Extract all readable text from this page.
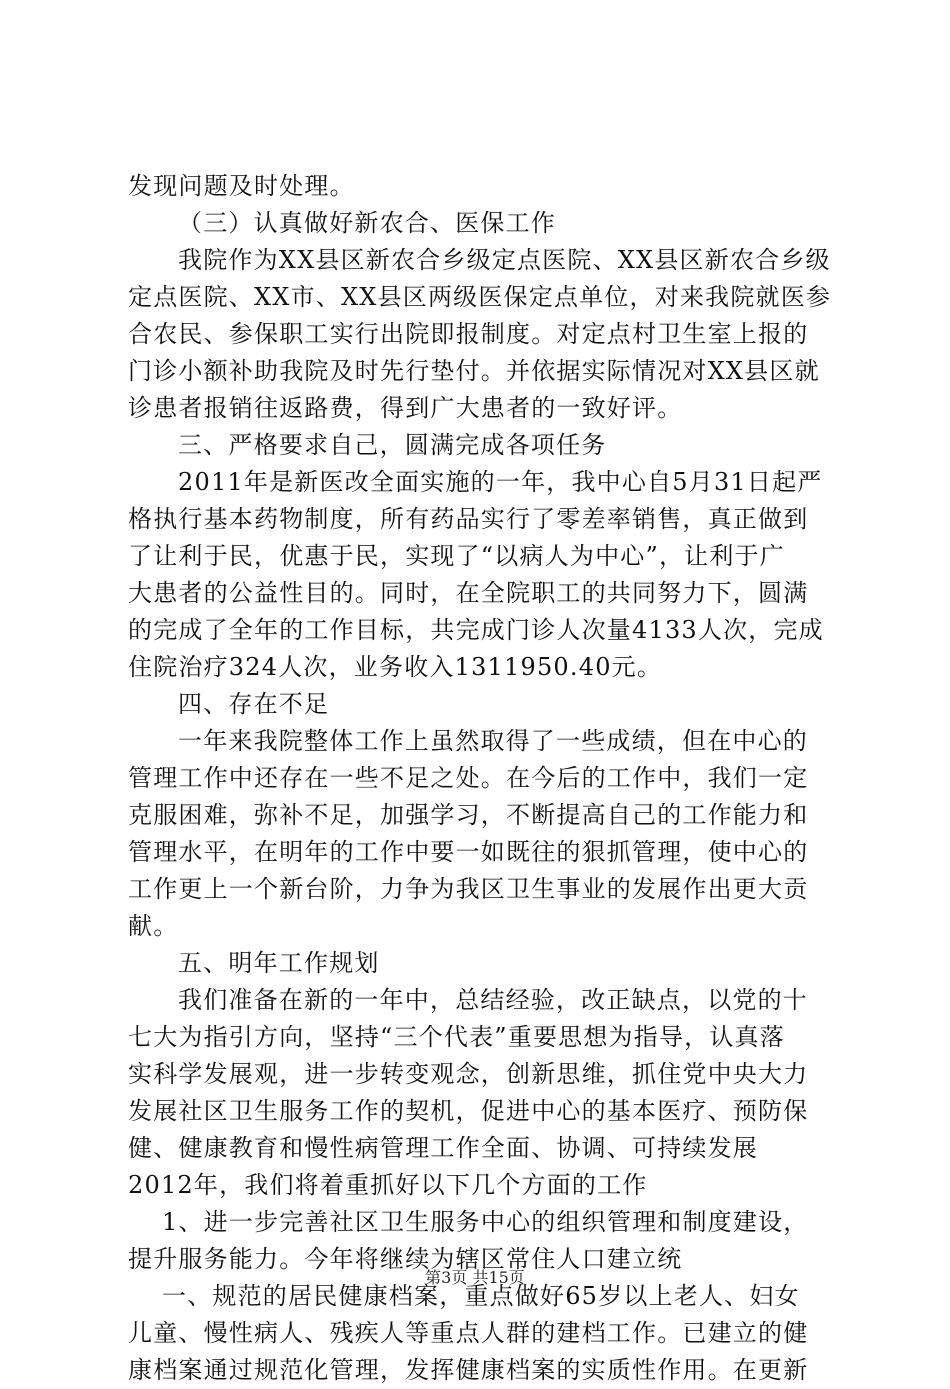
发现问题及时处理。
（三）认真做好新农合、医保工作
我院作为XX县区新农合乡级定点医院、XX县区新农合乡级
定点医院、XX市、XX县区两级医保定点单位，对来我院就医参
合农民、参保职工实行出院即报制度。对定点村卫生室上报的
门诊小额补助我院及时先行垫付。并依据实际情况对XX县区就
诊患者报销往返路费，得到广大患者的一致好评。
三、严格要求自己，圆满完成各项任务
2011年是新医改全面实施的一年，我中心自5月31日起严
格执行基本药物制度，所有药品实行了零差率销售，真正做到
了让利于民，优惠于民，实现了“以病人为中心”，让利于广
大患者的公益性目的。同时，在全院职工的共同努力下，圆满
的完成了全年的工作目标，共完成门诊人次量4133人次，完成
住院治疗324人次，业务收入1311950.40元。
四、存在不足
一年来我院整体工作上虽然取得了一些成绩，但在中心的
管理工作中还存在一些不足之处。在今后的工作中，我们一定
克服困难，弥补不足，加强学习，不断提高自己的工作能力和
管理水平，在明年的工作中要一如既往的狠抓管理，使中心的
工作更上一个新台阶，力争为我区卫生事业的发展作出更大贡
献。
五、明年工作规划
我们准备在新的一年中，总结经验，改正缺点，以党的十
七大为指引方向，坚持“三个代表”重要思想为指导，认真落
实科学发展观，进一步转变观念，创新思维，抓住党中央大力
发展社区卫生服务工作的契机，促进中心的基本医疗、预防保
健、健康教育和慢性病管理工作全面、协调、可持续发展
2012年，我们将着重抓好以下几个方面的工作
1、进一步完善社区卫生服务中心的组织管理和制度建设，
提升服务能力。今年将继续为辖区常住人口建立统
一、规范的居民健康档案，重点做好65岁以上老人、妇女
儿童、慢性病人、残疾人等重点人群的建档工作。已建立的健
康档案通过规范化管理，发挥健康档案的实质性作用。在更新
第3页 共15页
